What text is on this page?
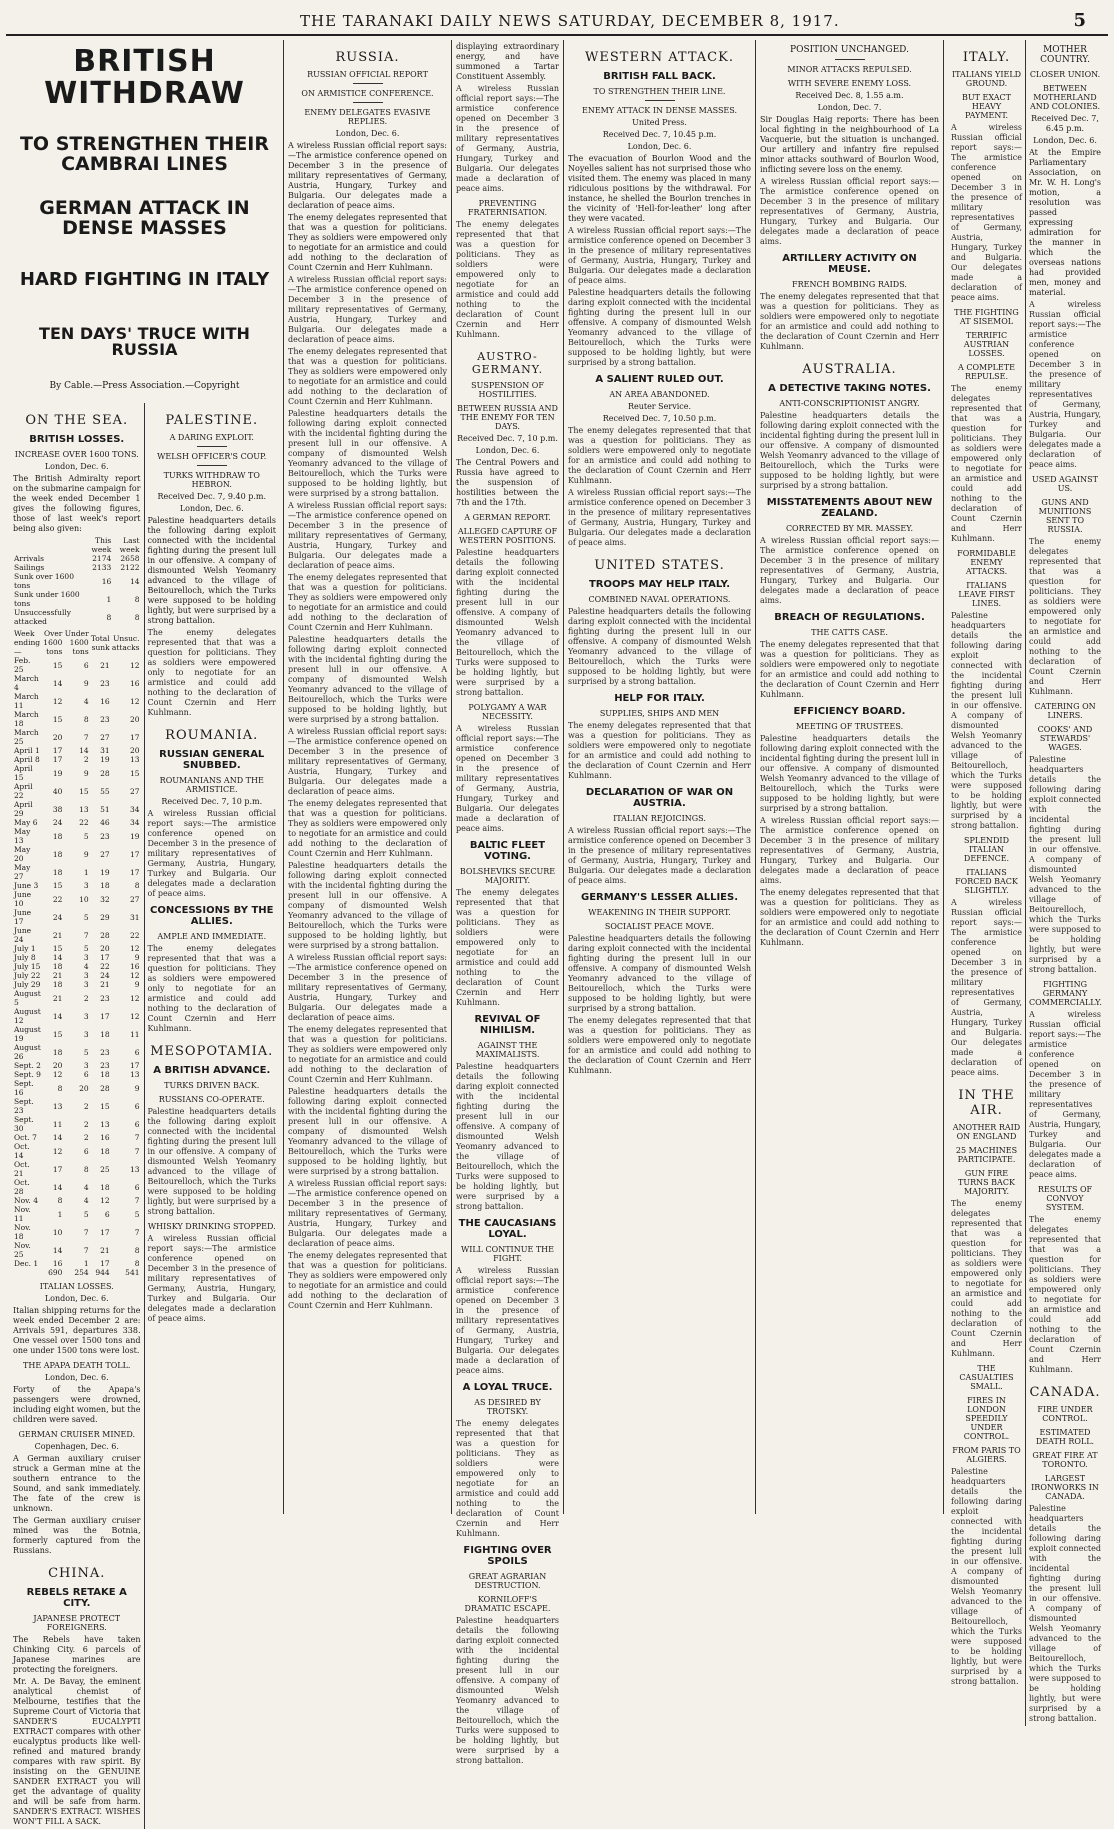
THE TARANAKI DAILY NEWS SATURDAY, DECEMBER 8, 1917.	5
BRITISH WITHDRAW
TO STRENGTHEN THEIR CAMBRAI LINES
GERMAN ATTACK IN DENSE MASSES
HARD FIGHTING IN ITALY
TEN DAYS' TRUCE WITH RUSSIA
By Cable.—Press Association.—Copyright
ON THE SEA.
BRITISH LOSSES.
INCREASE OVER 1600 TONS.

London, Dec. 6.

The British Admiralty report on the submarine campaign for the week ended December 1 gives the following figures, those of last week's report being also given:

	This week	Last week
Arrivals	2174	2658
Sailings	2133	2122
Sunk over 1600 tons	16	14
Sunk under 1600 tons	1	8
Unsuccessfully attacked	8	8
Week ending—	Over 1600 tons	Under 1600 tons	Total sunk	Unsuc. attacks
Feb. 25	15	6	21	12
March 4	14	9	23	16
March 11	12	4	16	12
March 18	15	8	23	20
March 25	20	7	27	17
April 1	17	14	31	20
April 8	17	2	19	13
April 15	19	9	28	15
April 22	40	15	55	27
April 29	38	13	51	34
May 6	24	22	46	34
May 13	18	5	23	19
May 20	18	9	27	17
May 27	18	1	19	17
June 3	15	3	18	8
June 10	22	10	32	27
June 17	24	5	29	31
June 24	21	7	28	22
July 1	15	5	20	12
July 8	14	3	17	9
July 15	18	4	22	16
July 22	21	3	24	12
July 29	18	3	21	9
August 5	21	2	23	12
August 12	14	3	17	12
August 19	15	3	18	11
August 26	18	5	23	6
Sept. 2	20	3	23	17
Sept. 9	12	6	18	13
Sept. 16	8	20	28	9
Sept. 23	13	2	15	6
Sept. 30	11	2	13	6
Oct. 7	14	2	16	7
Oct. 14	12	6	18	7
Oct. 21	17	8	25	13
Oct. 28	14	4	18	6
Nov. 4	8	4	12	7
Nov. 11	1	5	6	5
Nov. 18	10	7	17	7
Nov. 25	14	7	21	8
Dec. 1	16	1	17	8
	690	254	944	541
ITALIAN LOSSES.

London, Dec. 6.

Italian shipping returns for the week ended December 2 are: Arrivals 591, departures 338. One vessel over 1500 tons and one under 1500 tons were lost.

THE APAPA DEATH TOLL.

London, Dec. 6.

Forty of the Apapa's passengers were drowned, including eight women, but the children were saved.

GERMAN CRUISER MINED.

Copenhagen, Dec. 6.

A German auxiliary cruiser struck a German mine at the southern entrance to the Sound, and sank immediately. The fate of the crew is unknown.

The German auxiliary cruiser mined was the Botnia, formerly captured from the Russians.

CHINA.
REBELS RETAKE A CITY.
JAPANESE PROTECT FOREIGNERS.

The Rebels have taken Chinking City. 6 parcels of Japanese marines are protecting the foreigners.

Mr. A. De Bavay, the eminent analytical chemist of Melbourne, testifies that the Supreme Court of Victoria that SANDER'S EUCALYPTI EXTRACT compares with other eucalyptus products like well-refined and matured brandy compares with raw spirit. By insisting on the GENUINE SANDER EXTRACT you will get the advantage of quality and will be safe from harm. SANDER'S EXTRACT. WISHES WON'T FILL A SACK.

PALESTINE.
A DARING EXPLOIT.
WELSH OFFICER'S COUP.
TURKS WITHDRAW TO HEBRON.

Received Dec. 7, 9.40 p.m.

London, Dec. 6.

Palestine headquarters details the following daring exploit connected with the incidental fighting during the present lull in our offensive. A company of dismounted Welsh Yeomanry advanced to the village of Beitourelloch, which the Turks were supposed to be holding lightly, but were surprised by a strong battalion.

The enemy delegates represented that that was a question for politicians. They as soldiers were empowered only to negotiate for an armistice and could add nothing to the declaration of Count Czernin and Herr Kuhlmann.

ROUMANIA.
RUSSIAN GENERAL SNUBBED.
ROUMANIANS AND THE ARMISTICE.

Received Dec. 7, 10 p.m.

A wireless Russian official report says:—The armistice conference opened on December 3 in the presence of military representatives of Germany, Austria, Hungary, Turkey and Bulgaria. Our delegates made a declaration of peace aims.

CONCESSIONS BY THE ALLIES.
AMPLE AND IMMEDIATE.

The enemy delegates represented that that was a question for politicians. They as soldiers were empowered only to negotiate for an armistice and could add nothing to the declaration of Count Czernin and Herr Kuhlmann.

MESOPOTAMIA.
A BRITISH ADVANCE.
TURKS DRIVEN BACK.
RUSSIANS CO-OPERATE.

Palestine headquarters details the following daring exploit connected with the incidental fighting during the present lull in our offensive. A company of dismounted Welsh Yeomanry advanced to the village of Beitourelloch, which the Turks were supposed to be holding lightly, but were surprised by a strong battalion.

WHISKY DRINKING STOPPED.

A wireless Russian official report says:—The armistice conference opened on December 3 in the presence of military representatives of Germany, Austria, Hungary, Turkey and Bulgaria. Our delegates made a declaration of peace aims.

RUSSIA.
RUSSIAN OFFICIAL REPORT
ON ARMISTICE CONFERENCE.
ENEMY DELEGATES EVASIVE REPLIES.

London, Dec. 6.

A wireless Russian official report says:—The armistice conference opened on December 3 in the presence of military representatives of Germany, Austria, Hungary, Turkey and Bulgaria. Our delegates made a declaration of peace aims.

The enemy delegates represented that that was a question for politicians. They as soldiers were empowered only to negotiate for an armistice and could add nothing to the declaration of Count Czernin and Herr Kuhlmann.

A wireless Russian official report says:—The armistice conference opened on December 3 in the presence of military representatives of Germany, Austria, Hungary, Turkey and Bulgaria. Our delegates made a declaration of peace aims.

The enemy delegates represented that that was a question for politicians. They as soldiers were empowered only to negotiate for an armistice and could add nothing to the declaration of Count Czernin and Herr Kuhlmann.

Palestine headquarters details the following daring exploit connected with the incidental fighting during the present lull in our offensive. A company of dismounted Welsh Yeomanry advanced to the village of Beitourelloch, which the Turks were supposed to be holding lightly, but were surprised by a strong battalion.

A wireless Russian official report says:—The armistice conference opened on December 3 in the presence of military representatives of Germany, Austria, Hungary, Turkey and Bulgaria. Our delegates made a declaration of peace aims.

The enemy delegates represented that that was a question for politicians. They as soldiers were empowered only to negotiate for an armistice and could add nothing to the declaration of Count Czernin and Herr Kuhlmann.

Palestine headquarters details the following daring exploit connected with the incidental fighting during the present lull in our offensive. A company of dismounted Welsh Yeomanry advanced to the village of Beitourelloch, which the Turks were supposed to be holding lightly, but were surprised by a strong battalion.

A wireless Russian official report says:—The armistice conference opened on December 3 in the presence of military representatives of Germany, Austria, Hungary, Turkey and Bulgaria. Our delegates made a declaration of peace aims.

The enemy delegates represented that that was a question for politicians. They as soldiers were empowered only to negotiate for an armistice and could add nothing to the declaration of Count Czernin and Herr Kuhlmann.

Palestine headquarters details the following daring exploit connected with the incidental fighting during the present lull in our offensive. A company of dismounted Welsh Yeomanry advanced to the village of Beitourelloch, which the Turks were supposed to be holding lightly, but were surprised by a strong battalion.

A wireless Russian official report says:—The armistice conference opened on December 3 in the presence of military representatives of Germany, Austria, Hungary, Turkey and Bulgaria. Our delegates made a declaration of peace aims.

The enemy delegates represented that that was a question for politicians. They as soldiers were empowered only to negotiate for an armistice and could add nothing to the declaration of Count Czernin and Herr Kuhlmann.

Palestine headquarters details the following daring exploit connected with the incidental fighting during the present lull in our offensive. A company of dismounted Welsh Yeomanry advanced to the village of Beitourelloch, which the Turks were supposed to be holding lightly, but were surprised by a strong battalion.

A wireless Russian official report says:—The armistice conference opened on December 3 in the presence of military representatives of Germany, Austria, Hungary, Turkey and Bulgaria. Our delegates made a declaration of peace aims.

The enemy delegates represented that that was a question for politicians. They as soldiers were empowered only to negotiate for an armistice and could add nothing to the declaration of Count Czernin and Herr Kuhlmann.

displaying extraordinary energy, and have summoned a Tartar Constituent Assembly.

A wireless Russian official report says:—The armistice conference opened on December 3 in the presence of military representatives of Germany, Austria, Hungary, Turkey and Bulgaria. Our delegates made a declaration of peace aims.

PREVENTING FRATERNISATION.

The enemy delegates represented that that was a question for politicians. They as soldiers were empowered only to negotiate for an armistice and could add nothing to the declaration of Count Czernin and Herr Kuhlmann.

AUSTRO-GERMANY.
SUSPENSION OF HOSTILITIES.
BETWEEN RUSSIA AND THE ENEMY FOR TEN DAYS.

Received Dec. 7, 10 p.m.

London, Dec. 6.

The Central Powers and Russia have agreed to the suspension of hostilities between the 7th and the 17th.

A GERMAN REPORT.
ALLEGED CAPTURE OF WESTERN POSITIONS.

Palestine headquarters details the following daring exploit connected with the incidental fighting during the present lull in our offensive. A company of dismounted Welsh Yeomanry advanced to the village of Beitourelloch, which the Turks were supposed to be holding lightly, but were surprised by a strong battalion.

POLYGAMY A WAR NECESSITY.

A wireless Russian official report says:—The armistice conference opened on December 3 in the presence of military representatives of Germany, Austria, Hungary, Turkey and Bulgaria. Our delegates made a declaration of peace aims.

BALTIC FLEET VOTING.
BOLSHEVIKS SECURE MAJORITY.

The enemy delegates represented that that was a question for politicians. They as soldiers were empowered only to negotiate for an armistice and could add nothing to the declaration of Count Czernin and Herr Kuhlmann.

REVIVAL OF NIHILISM.
AGAINST THE MAXIMALISTS.

Palestine headquarters details the following daring exploit connected with the incidental fighting during the present lull in our offensive. A company of dismounted Welsh Yeomanry advanced to the village of Beitourelloch, which the Turks were supposed to be holding lightly, but were surprised by a strong battalion.

THE CAUCASIANS LOYAL.
WILL CONTINUE THE FIGHT.

A wireless Russian official report says:—The armistice conference opened on December 3 in the presence of military representatives of Germany, Austria, Hungary, Turkey and Bulgaria. Our delegates made a declaration of peace aims.

A LOYAL TRUCE.
AS DESIRED BY TROTSKY.

The enemy delegates represented that that was a question for politicians. They as soldiers were empowered only to negotiate for an armistice and could add nothing to the declaration of Count Czernin and Herr Kuhlmann.

FIGHTING OVER SPOILS
GREAT AGRARIAN DESTRUCTION.
KORNILOFF'S DRAMATIC ESCAPE.

Palestine headquarters details the following daring exploit connected with the incidental fighting during the present lull in our offensive. A company of dismounted Welsh Yeomanry advanced to the village of Beitourelloch, which the Turks were supposed to be holding lightly, but were surprised by a strong battalion.

WESTERN ATTACK.
BRITISH FALL BACK.
TO STRENGTHEN THEIR LINE.
ENEMY ATTACK IN DENSE MASSES.

United Press.

Received Dec. 7, 10.45 p.m.

London, Dec. 6.

The evacuation of Bourlon Wood and the Noyelles salient has not surprised those who visited them. The enemy was placed in many ridiculous positions by the withdrawal. For instance, he shelled the Bourlon trenches in the vicinity of 'Hell-for-leather' long after they were vacated.

A wireless Russian official report says:—The armistice conference opened on December 3 in the presence of military representatives of Germany, Austria, Hungary, Turkey and Bulgaria. Our delegates made a declaration of peace aims.

Palestine headquarters details the following daring exploit connected with the incidental fighting during the present lull in our offensive. A company of dismounted Welsh Yeomanry advanced to the village of Beitourelloch, which the Turks were supposed to be holding lightly, but were surprised by a strong battalion.

A SALIENT RULED OUT.
AN AREA ABANDONED.

Reuter Service.

Received Dec. 7, 10.50 p.m.

The enemy delegates represented that that was a question for politicians. They as soldiers were empowered only to negotiate for an armistice and could add nothing to the declaration of Count Czernin and Herr Kuhlmann.

A wireless Russian official report says:—The armistice conference opened on December 3 in the presence of military representatives of Germany, Austria, Hungary, Turkey and Bulgaria. Our delegates made a declaration of peace aims.

UNITED STATES.
TROOPS MAY HELP ITALY.
COMBINED NAVAL OPERATIONS.

Palestine headquarters details the following daring exploit connected with the incidental fighting during the present lull in our offensive. A company of dismounted Welsh Yeomanry advanced to the village of Beitourelloch, which the Turks were supposed to be holding lightly, but were surprised by a strong battalion.

HELP FOR ITALY.
SUPPLIES, SHIPS AND MEN

The enemy delegates represented that that was a question for politicians. They as soldiers were empowered only to negotiate for an armistice and could add nothing to the declaration of Count Czernin and Herr Kuhlmann.

DECLARATION OF WAR ON AUSTRIA.
ITALIAN REJOICINGS.

A wireless Russian official report says:—The armistice conference opened on December 3 in the presence of military representatives of Germany, Austria, Hungary, Turkey and Bulgaria. Our delegates made a declaration of peace aims.

GERMANY'S LESSER ALLIES.
WEAKENING IN THEIR SUPPORT.
SOCIALIST PEACE MOVE.

Palestine headquarters details the following daring exploit connected with the incidental fighting during the present lull in our offensive. A company of dismounted Welsh Yeomanry advanced to the village of Beitourelloch, which the Turks were supposed to be holding lightly, but were surprised by a strong battalion.

The enemy delegates represented that that was a question for politicians. They as soldiers were empowered only to negotiate for an armistice and could add nothing to the declaration of Count Czernin and Herr Kuhlmann.

POSITION UNCHANGED.
MINOR ATTACKS REPULSED.
WITH SEVERE ENEMY LOSS.

Received Dec. 8, 1.55 a.m.

London, Dec. 7.

Sir Douglas Haig reports: There has been local fighting in the neighbourhood of La Vacquerie, but the situation is unchanged. Our artillery and infantry fire repulsed minor attacks southward of Bourlon Wood, inflicting severe loss on the enemy.

A wireless Russian official report says:—The armistice conference opened on December 3 in the presence of military representatives of Germany, Austria, Hungary, Turkey and Bulgaria. Our delegates made a declaration of peace aims.

ARTILLERY ACTIVITY ON MEUSE.
FRENCH BOMBING RAIDS.

The enemy delegates represented that that was a question for politicians. They as soldiers were empowered only to negotiate for an armistice and could add nothing to the declaration of Count Czernin and Herr Kuhlmann.

AUSTRALIA.
A DETECTIVE TAKING NOTES.
ANTI-CONSCRIPTIONIST ANGRY.

Palestine headquarters details the following daring exploit connected with the incidental fighting during the present lull in our offensive. A company of dismounted Welsh Yeomanry advanced to the village of Beitourelloch, which the Turks were supposed to be holding lightly, but were surprised by a strong battalion.

MISSTATEMENTS ABOUT NEW ZEALAND.
CORRECTED BY MR. MASSEY.

A wireless Russian official report says:—The armistice conference opened on December 3 in the presence of military representatives of Germany, Austria, Hungary, Turkey and Bulgaria. Our delegates made a declaration of peace aims.

BREACH OF REGULATIONS.
THE CATTS CASE.

The enemy delegates represented that that was a question for politicians. They as soldiers were empowered only to negotiate for an armistice and could add nothing to the declaration of Count Czernin and Herr Kuhlmann.

EFFICIENCY BOARD.
MEETING OF TRUSTEES.

Palestine headquarters details the following daring exploit connected with the incidental fighting during the present lull in our offensive. A company of dismounted Welsh Yeomanry advanced to the village of Beitourelloch, which the Turks were supposed to be holding lightly, but were surprised by a strong battalion.

A wireless Russian official report says:—The armistice conference opened on December 3 in the presence of military representatives of Germany, Austria, Hungary, Turkey and Bulgaria. Our delegates made a declaration of peace aims.

The enemy delegates represented that that was a question for politicians. They as soldiers were empowered only to negotiate for an armistice and could add nothing to the declaration of Count Czernin and Herr Kuhlmann.

ITALY.
ITALIANS YIELD GROUND.
BUT EXACT HEAVY PAYMENT.

A wireless Russian official report says:—The armistice conference opened on December 3 in the presence of military representatives of Germany, Austria, Hungary, Turkey and Bulgaria. Our delegates made a declaration of peace aims.

THE FIGHTING AT SISEMOL
TERRIFIC AUSTRIAN LOSSES.
A COMPLETE REPULSE.

The enemy delegates represented that that was a question for politicians. They as soldiers were empowered only to negotiate for an armistice and could add nothing to the declaration of Count Czernin and Herr Kuhlmann.

FORMIDABLE ENEMY ATTACKS.
ITALIANS LEAVE FIRST LINES.

Palestine headquarters details the following daring exploit connected with the incidental fighting during the present lull in our offensive. A company of dismounted Welsh Yeomanry advanced to the village of Beitourelloch, which the Turks were supposed to be holding lightly, but were surprised by a strong battalion.

SPLENDID ITALIAN DEFENCE.
ITALIANS FORCED BACK SLIGHTLY.

A wireless Russian official report says:—The armistice conference opened on December 3 in the presence of military representatives of Germany, Austria, Hungary, Turkey and Bulgaria. Our delegates made a declaration of peace aims.

IN THE AIR.
ANOTHER RAID ON ENGLAND
25 MACHINES PARTICIPATE.
GUN FIRE TURNS BACK MAJORITY.

The enemy delegates represented that that was a question for politicians. They as soldiers were empowered only to negotiate for an armistice and could add nothing to the declaration of Count Czernin and Herr Kuhlmann.

THE CASUALTIES SMALL.
FIRES IN LONDON SPEEDILY UNDER CONTROL.
FROM PARIS TO ALGIERS.

Palestine headquarters details the following daring exploit connected with the incidental fighting during the present lull in our offensive. A company of dismounted Welsh Yeomanry advanced to the village of Beitourelloch, which the Turks were supposed to be holding lightly, but were surprised by a strong battalion.

MOTHER COUNTRY.
CLOSER UNION.
BETWEEN MOTHERLAND AND COLONIES.

Received Dec. 7, 6.45 p.m.

London, Dec. 6.

At the Empire Parliamentary Association, on Mr. W. H. Long's motion, a resolution was passed expressing admiration for the manner in which the overseas nations had provided men, money and material.

A wireless Russian official report says:—The armistice conference opened on December 3 in the presence of military representatives of Germany, Austria, Hungary, Turkey and Bulgaria. Our delegates made a declaration of peace aims.

USED AGAINST US.
GUNS AND MUNITIONS SENT TO RUSSIA.

The enemy delegates represented that that was a question for politicians. They as soldiers were empowered only to negotiate for an armistice and could add nothing to the declaration of Count Czernin and Herr Kuhlmann.

CATERING ON LINERS.
COOKS' AND STEWARDS' WAGES.

Palestine headquarters details the following daring exploit connected with the incidental fighting during the present lull in our offensive. A company of dismounted Welsh Yeomanry advanced to the village of Beitourelloch, which the Turks were supposed to be holding lightly, but were surprised by a strong battalion.

FIGHTING GERMANY COMMERCIALLY.

A wireless Russian official report says:—The armistice conference opened on December 3 in the presence of military representatives of Germany, Austria, Hungary, Turkey and Bulgaria. Our delegates made a declaration of peace aims.

RESULTS OF CONVOY SYSTEM.

The enemy delegates represented that that was a question for politicians. They as soldiers were empowered only to negotiate for an armistice and could add nothing to the declaration of Count Czernin and Herr Kuhlmann.

CANADA.
FIRE UNDER CONTROL.
ESTIMATED DEATH ROLL.
GREAT FIRE AT TORONTO.
LARGEST IRONWORKS IN CANADA.

Palestine headquarters details the following daring exploit connected with the incidental fighting during the present lull in our offensive. A company of dismounted Welsh Yeomanry advanced to the village of Beitourelloch, which the Turks were supposed to be holding lightly, but were surprised by a strong battalion.
